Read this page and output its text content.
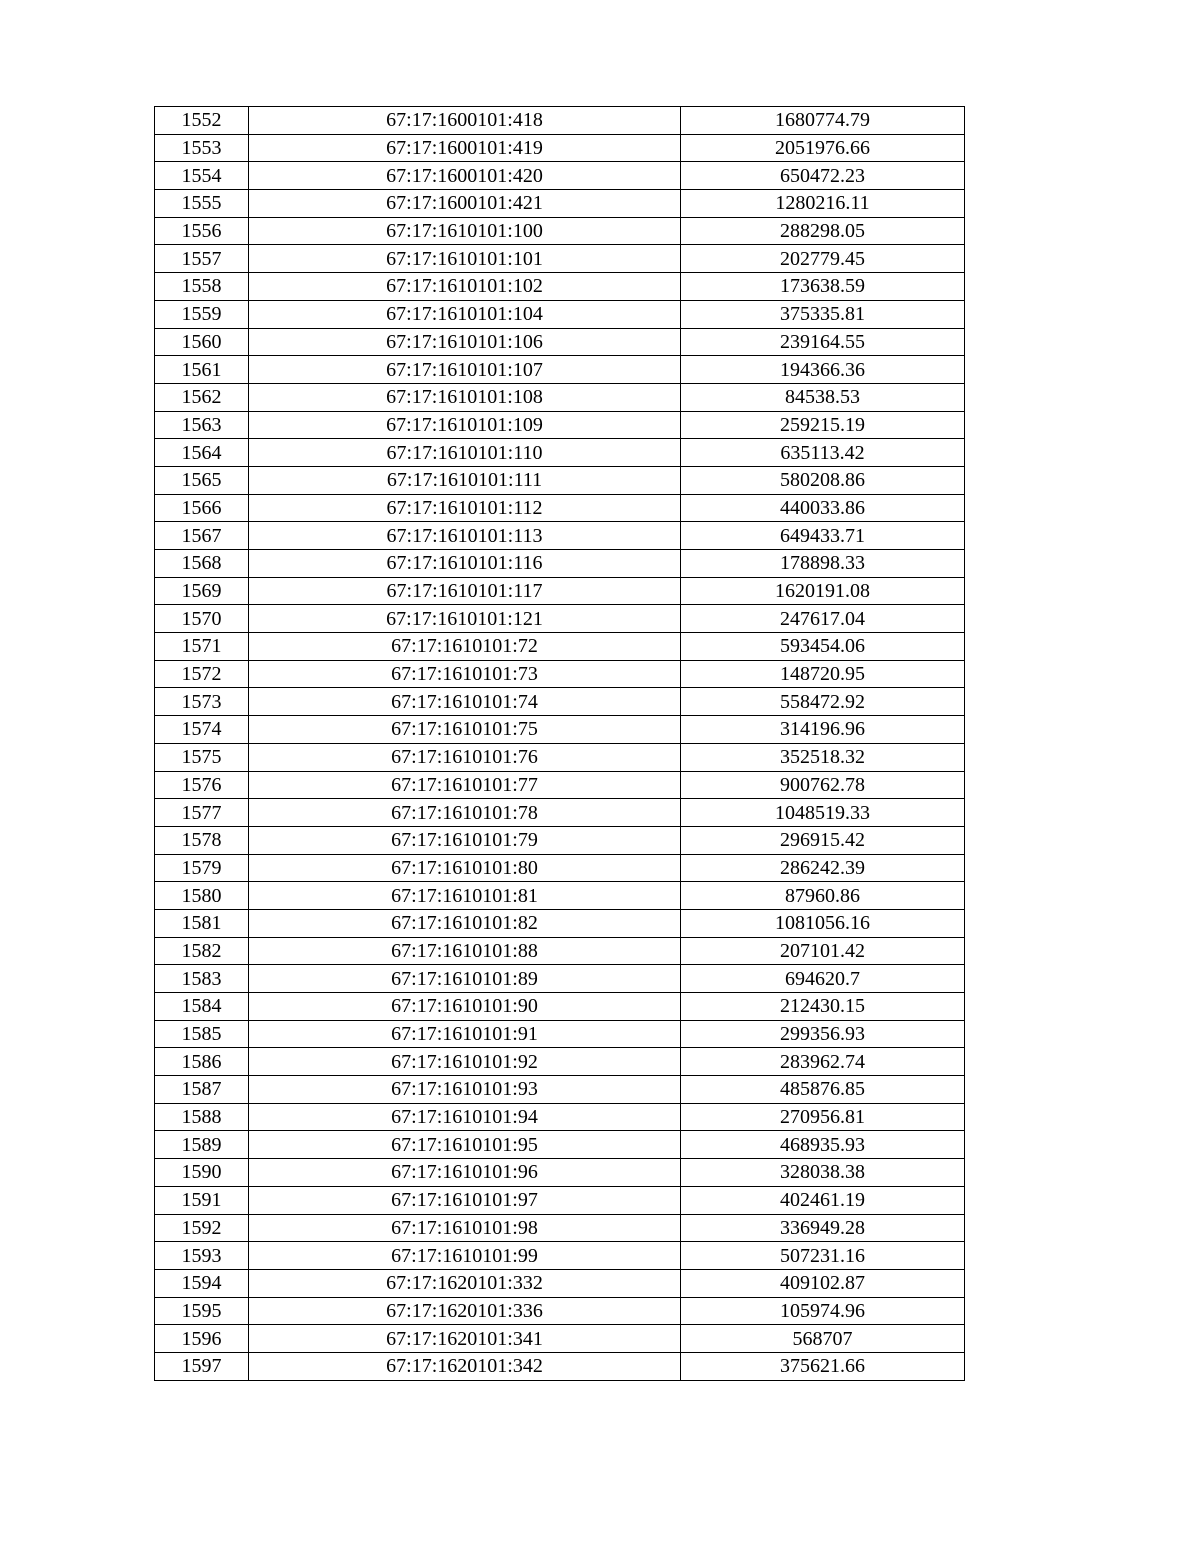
1552	67:17:1600101:418	1680774.79
1553	67:17:1600101:419	2051976.66
1554	67:17:1600101:420	650472.23
1555	67:17:1600101:421	1280216.11
1556	67:17:1610101:100	288298.05
1557	67:17:1610101:101	202779.45
1558	67:17:1610101:102	173638.59
1559	67:17:1610101:104	375335.81
1560	67:17:1610101:106	239164.55
1561	67:17:1610101:107	194366.36
1562	67:17:1610101:108	84538.53
1563	67:17:1610101:109	259215.19
1564	67:17:1610101:110	635113.42
1565	67:17:1610101:111	580208.86
1566	67:17:1610101:112	440033.86
1567	67:17:1610101:113	649433.71
1568	67:17:1610101:116	178898.33
1569	67:17:1610101:117	1620191.08
1570	67:17:1610101:121	247617.04
1571	67:17:1610101:72	593454.06
1572	67:17:1610101:73	148720.95
1573	67:17:1610101:74	558472.92
1574	67:17:1610101:75	314196.96
1575	67:17:1610101:76	352518.32
1576	67:17:1610101:77	900762.78
1577	67:17:1610101:78	1048519.33
1578	67:17:1610101:79	296915.42
1579	67:17:1610101:80	286242.39
1580	67:17:1610101:81	87960.86
1581	67:17:1610101:82	1081056.16
1582	67:17:1610101:88	207101.42
1583	67:17:1610101:89	694620.7
1584	67:17:1610101:90	212430.15
1585	67:17:1610101:91	299356.93
1586	67:17:1610101:92	283962.74
1587	67:17:1610101:93	485876.85
1588	67:17:1610101:94	270956.81
1589	67:17:1610101:95	468935.93
1590	67:17:1610101:96	328038.38
1591	67:17:1610101:97	402461.19
1592	67:17:1610101:98	336949.28
1593	67:17:1610101:99	507231.16
1594	67:17:1620101:332	409102.87
1595	67:17:1620101:336	105974.96
1596	67:17:1620101:341	568707
1597	67:17:1620101:342	375621.66
